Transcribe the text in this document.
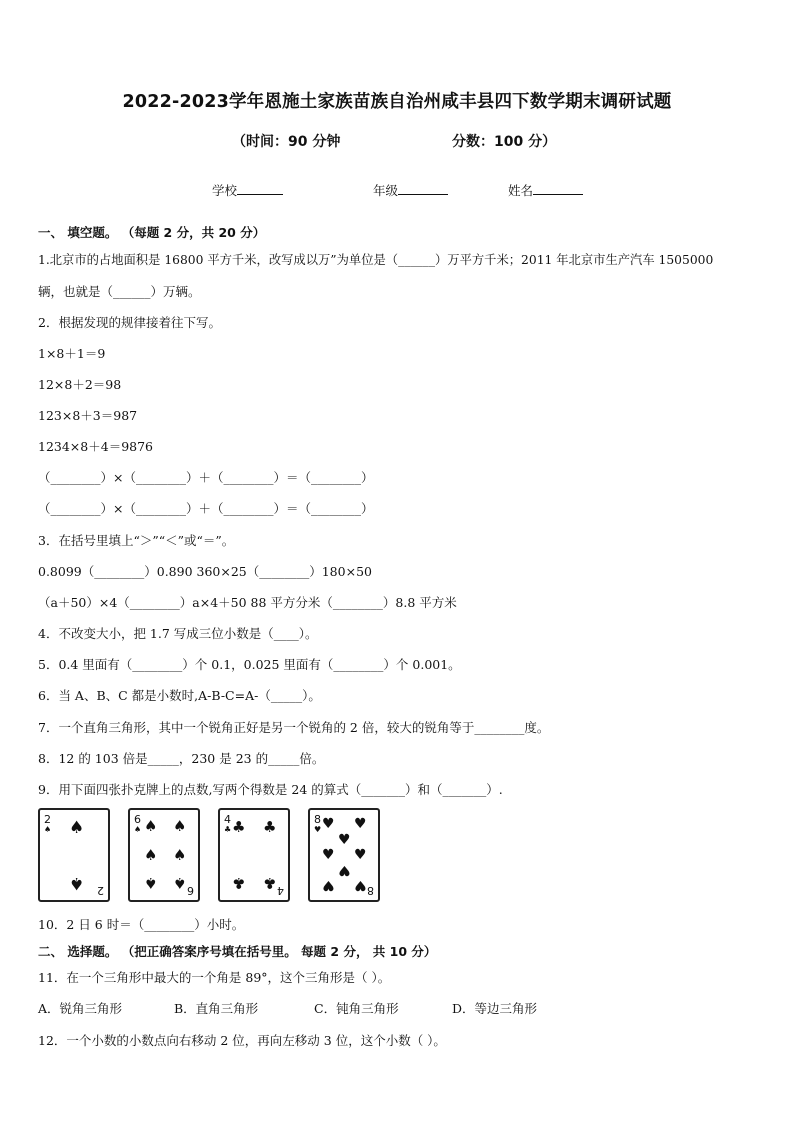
2022-2023学年恩施土家族苗族自治州咸丰县四下数学期末调研试题
（时间：90 分钟	分数：100 分）
学校	年级	姓名
一、 填空题。 （每题 2 分，共 20 分）
1.北京市的占地面积是 16800 平方千米，改写成以万”为单位是（______）万平方千米；2011 年北京市生产汽车 1505000
辆，也就是（______）万辆。
2．根据发现的规律接着往下写。
1×8＋1＝9
12×8＋2＝98
123×8＋3＝987
1234×8＋4＝9876
（________）×（________）＋（________）＝（________）
（________）×（________）＋（________）＝（________）
3．在括号里填上“＞”“＜”或“＝”。
0.8099（________）0.890 360×25（________）180×50
（a＋50）×4（________）a×4＋50 88 平方分米（________）8.8 平方米
4．不改变大小，把 1.7 写成三位小数是（____）。
5．0.4 里面有（________）个 0.1，0.025 里面有（________）个 0.001。
6．当 A、B、C 都是小数时,A-B-C=A-（_____）。
7．一个直角三角形，其中一个锐角正好是另一个锐角的 2 倍，较大的锐角等于________度。
8．12 的 103 倍是_____，230 是 23 的_____倍。
9．用下面四张扑克牌上的点数,写两个得数是 24 的算式（_______）和（_______）.
2
♠ ♠
♠ 2
6
♠ ♠ ♠
♠ ♠
♠ ♠ 6
4
♣ ♣ ♣
♣ ♣ 4
8
♥ ♥ ♥
♥
♥ ♥
♥
♥ ♥ 8
10．2 日 6 时＝（________）小时。
二、 选择题。 （把正确答案序号填在括号里。 每题 2 分， 共 10 分）
11．在一个三角形中最大的一个角是 89°，这个三角形是（ ）。
A．锐角三角形	B．直角三角形	C．钝角三角形	D．等边三角形
12．一个小数的小数点向右移动 2 位，再向左移动 3 位，这个小数（ ）。
